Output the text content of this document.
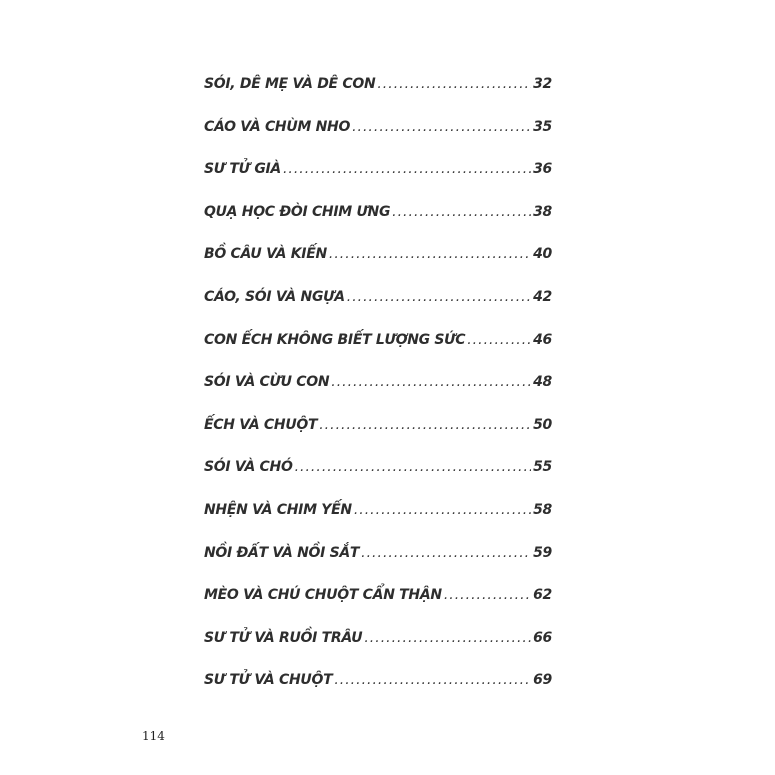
SÓI, DÊ MẸ VÀ DÊ CON .....	32
CÁO VÀ CHÙM NHO .....	35
SƯ TỬ GIÀ .....	36
QUẠ HỌC ĐÒI CHIM ƯNG .....	38
BỒ CÂU VÀ KIẾN .....	40
CÁO, SÓI VÀ NGỰA .....	42
CON ẾCH KHÔNG BIẾT LƯỢNG SỨC .....	46
SÓI VÀ CỪU CON .....	48
ẾCH VÀ CHUỘT .....	50
SÓI VÀ CHÓ .....	55
NHỆN VÀ CHIM YẾN .....	58
NỒI ĐẤT VÀ NỒI SẮT .....	59
MÈO VÀ CHÚ CHUỘT CẨN THẬN .....	62
SƯ TỬ VÀ RUỒI TRÂU .....	66
SƯ TỬ VÀ CHUỘT .....	69
114
